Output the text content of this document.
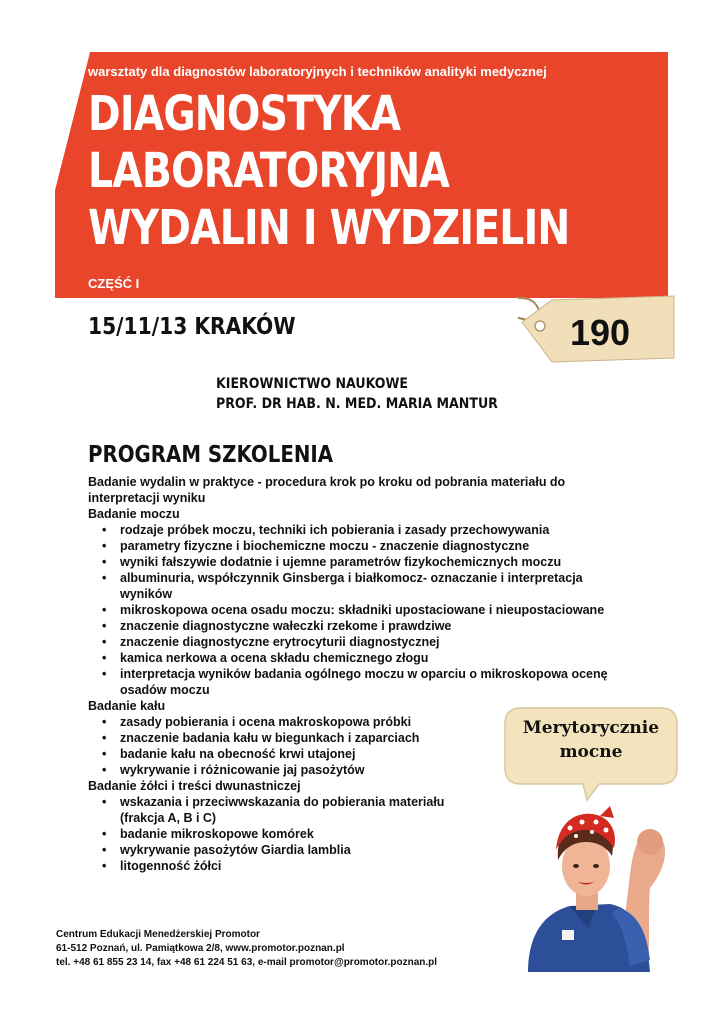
warsztaty dla diagnostów laboratoryjnych i techników analityki medycznej
DIAGNOSTYKA
LABORATORYJNA
WYDALIN I WYDZIELIN
CZĘŚĆ I
15/11/13 KRAKÓW	190
KIEROWNICTWO NAUKOWE
PROF. DR HAB. N. MED. MARIA MANTUR
PROGRAM SZKOLENIA

Badanie wydalin w praktyce - procedura krok po kroku od pobrania materiału do interpretacji wyniku

Badanie moczu

• rodzaje próbek moczu, techniki ich pobierania i zasady przechowywania
• parametry fizyczne i biochemiczne moczu - znaczenie diagnostyczne
• wyniki fałszywie dodatnie i ujemne parametrów fizykochemicznych moczu
• albuminuria, współczynnik Ginsberga i białkomocz- oznaczanie i interpretacja wyników
• mikroskopowa ocena osadu moczu: składniki upostaciowane i nieupostaciowane
• znaczenie diagnostyczne wałeczki rzekome i prawdziwe
• znaczenie diagnostyczne erytrocyturii diagnostycznej
• kamica nerkowa a ocena składu chemicznego złogu
• interpretacja wyników badania ogólnego moczu w oparciu o mikroskopowa ocenę osadów moczu

Badanie kału

• zasady pobierania i ocena makroskopowa próbki
• znaczenie badania kału w biegunkach i zaparciach
• badanie kału na obecność krwi utajonej
• wykrywanie i różnicowanie jaj pasożytów

Badanie żółci i treści dwunastniczej

• wskazania i przeciwwskazania do pobierania materiału (frakcja A, B i C)
• badanie mikroskopowe komórek
• wykrywanie pasożytów Giardia lamblia
• litogenność żółci
Merytorycznie
mocne
Centrum Edukacji Menedżerskiej Promotor
61-512 Poznań, ul. Pamiątkowa 2/8, www.promotor.poznan.pl
tel. +48 61 855 23 14, fax +48 61 224 51 63, e-mail promotor@promotor.poznan.pl
